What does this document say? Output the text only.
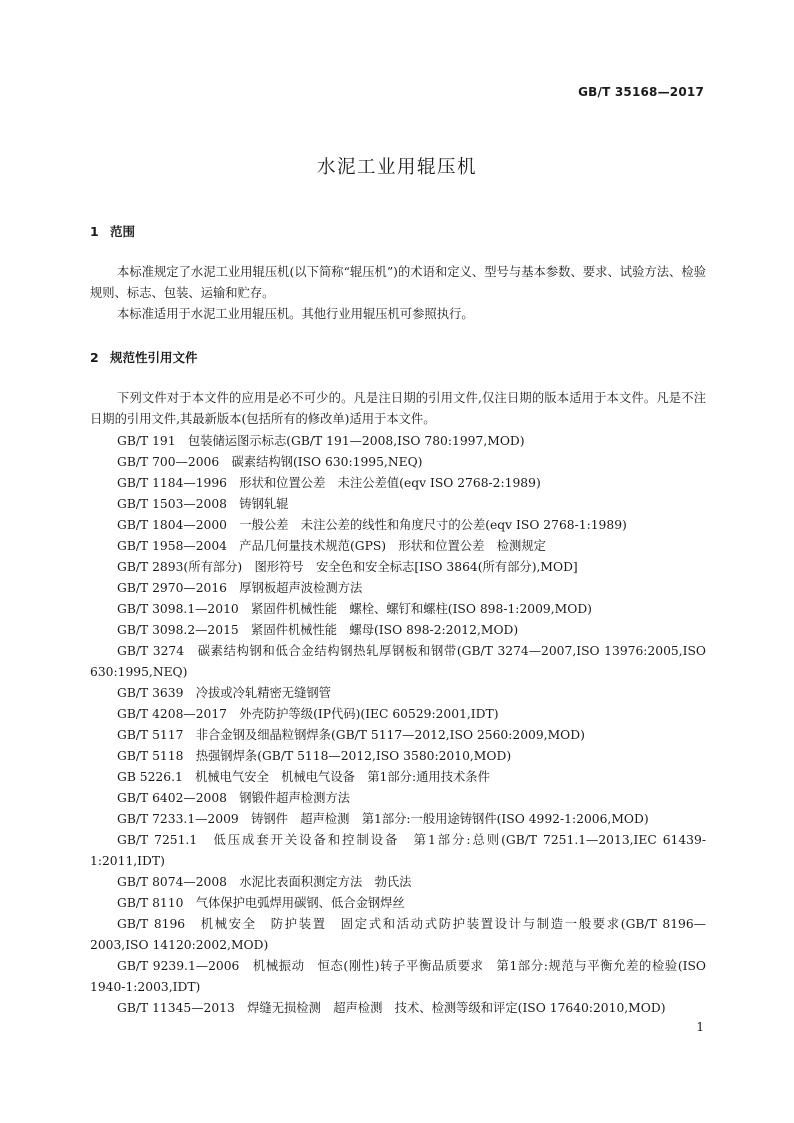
GB/T 35168—2017
水泥工业用辊压机
1 范围

本标准规定了水泥工业用辊压机(以下简称“辊压机”)的术语和定义、型号与基本参数、要求、试验方法、检验规则、标志、包装、运输和贮存。

本标准适用于水泥工业用辊压机。其他行业用辊压机可参照执行。

2 规范性引用文件

下列文件对于本文件的应用是必不可少的。凡是注日期的引用文件,仅注日期的版本适用于本文件。凡是不注日期的引用文件,其最新版本(包括所有的修改单)适用于本文件。

GB/T 191　包装储运图示标志(GB/T 191—2008,ISO 780:1997,MOD)

GB/T 700—2006　碳素结构钢(ISO 630:1995,NEQ)

GB/T 1184—1996　形状和位置公差　未注公差值(eqv ISO 2768-2:1989)

GB/T 1503—2008　铸钢轧辊

GB/T 1804—2000　一般公差　未注公差的线性和角度尺寸的公差(eqv ISO 2768-1:1989)

GB/T 1958—2004　产品几何量技术规范(GPS)　形状和位置公差　检测规定

GB/T 2893(所有部分)　图形符号　安全色和安全标志[ISO 3864(所有部分),MOD]

GB/T 2970—2016　厚钢板超声波检测方法

GB/T 3098.1—2010　紧固件机械性能　螺栓、螺钉和螺柱(ISO 898-1:2009,MOD)

GB/T 3098.2—2015　紧固件机械性能　螺母(ISO 898-2:2012,MOD)

GB/T 3274　碳素结构钢和低合金结构钢热轧厚钢板和钢带(GB/T 3274—2007,ISO 13976:2005,ISO 630:1995,NEQ)

GB/T 3639　冷拔或冷轧精密无缝钢管

GB/T 4208—2017　外壳防护等级(IP代码)(IEC 60529:2001,IDT)

GB/T 5117　非合金钢及细晶粒钢焊条(GB/T 5117—2012,ISO 2560:2009,MOD)

GB/T 5118　热强钢焊条(GB/T 5118—2012,ISO 3580:2010,MOD)

GB 5226.1　机械电气安全　机械电气设备　第1部分:通用技术条件

GB/T 6402—2008　钢锻件超声检测方法

GB/T 7233.1—2009　铸钢件　超声检测　第1部分:一般用途铸钢件(ISO 4992-1:2006,MOD)

GB/T 7251.1　低压成套开关设备和控制设备　第1部分:总则(GB/T 7251.1—2013,IEC 61439-1:2011,IDT)

GB/T 8074—2008　水泥比表面积测定方法　勃氏法

GB/T 8110　气体保护电弧焊用碳钢、低合金钢焊丝

GB/T 8196　机械安全　防护装置　固定式和活动式防护装置设计与制造一般要求(GB/T 8196—2003,ISO 14120:2002,MOD)

GB/T 9239.1—2006　机械振动　恒态(刚性)转子平衡品质要求　第1部分:规范与平衡允差的检验(ISO 1940-1:2003,IDT)

GB/T 11345—2013　焊缝无损检测　超声检测　技术、检测等级和评定(ISO 17640:2010,MOD)

1
